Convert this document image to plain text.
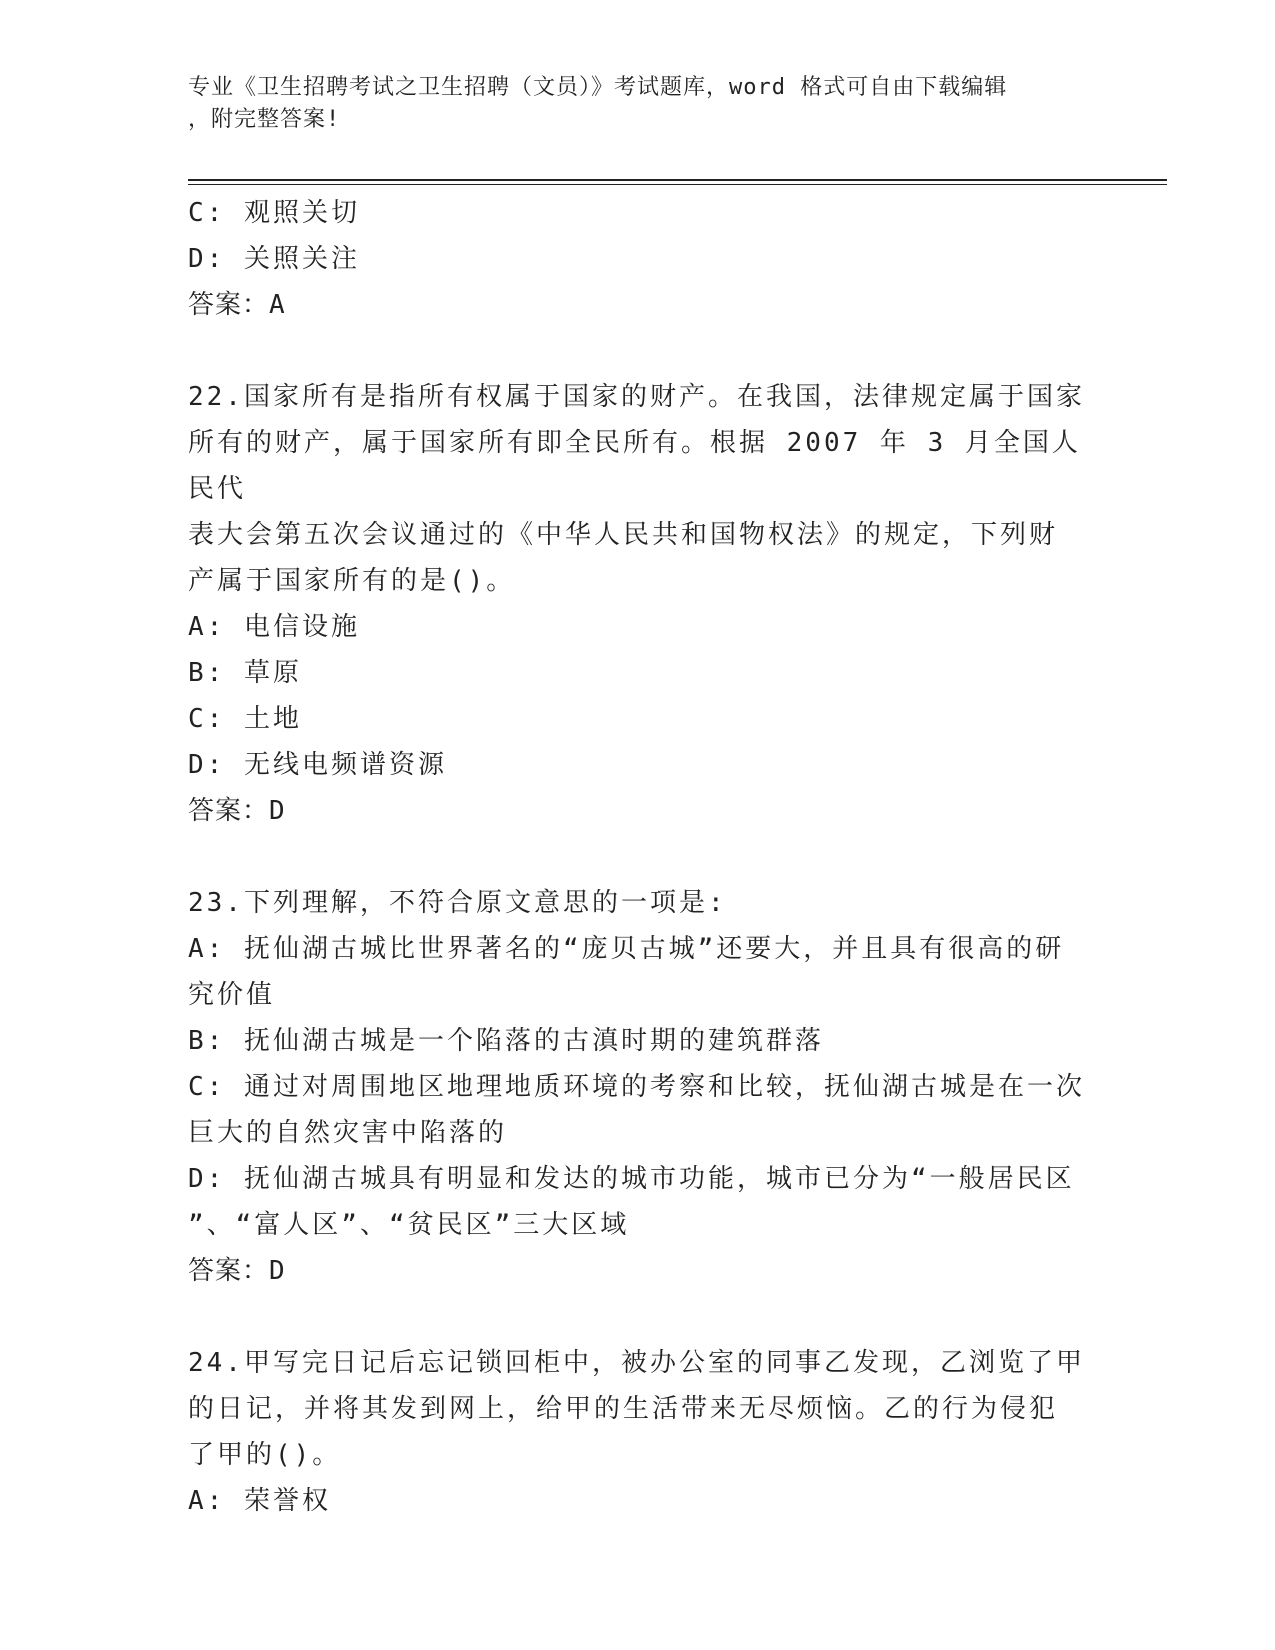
专业《卫生招聘考试之卫生招聘（文员）》考试题库，word 格式可自由下载编辑
，附完整答案!
C: 观照关切
D: 关照关注
答案：A
22.国家所有是指所有权属于国家的财产。在我国，法律规定属于国家
所有的财产，属于国家所有即全民所有。根据 2007 年 3 月全国人民代
表大会第五次会议通过的《中华人民共和国物权法》的规定，下列财
产属于国家所有的是()。
A: 电信设施
B: 草原
C: 土地
D: 无线电频谱资源
答案：D
23.下列理解，不符合原文意思的一项是:
A: 抚仙湖古城比世界著名的“庞贝古城”还要大，并且具有很高的研
究价值
B: 抚仙湖古城是一个陷落的古滇时期的建筑群落
C: 通过对周围地区地理地质环境的考察和比较，抚仙湖古城是在一次
巨大的自然灾害中陷落的
D: 抚仙湖古城具有明显和发达的城市功能，城市已分为“一般居民区
”、“富人区”、“贫民区”三大区域
答案：D
24.甲写完日记后忘记锁回柜中，被办公室的同事乙发现，乙浏览了甲
的日记，并将其发到网上，给甲的生活带来无尽烦恼。乙的行为侵犯
了甲的()。
A: 荣誉权
